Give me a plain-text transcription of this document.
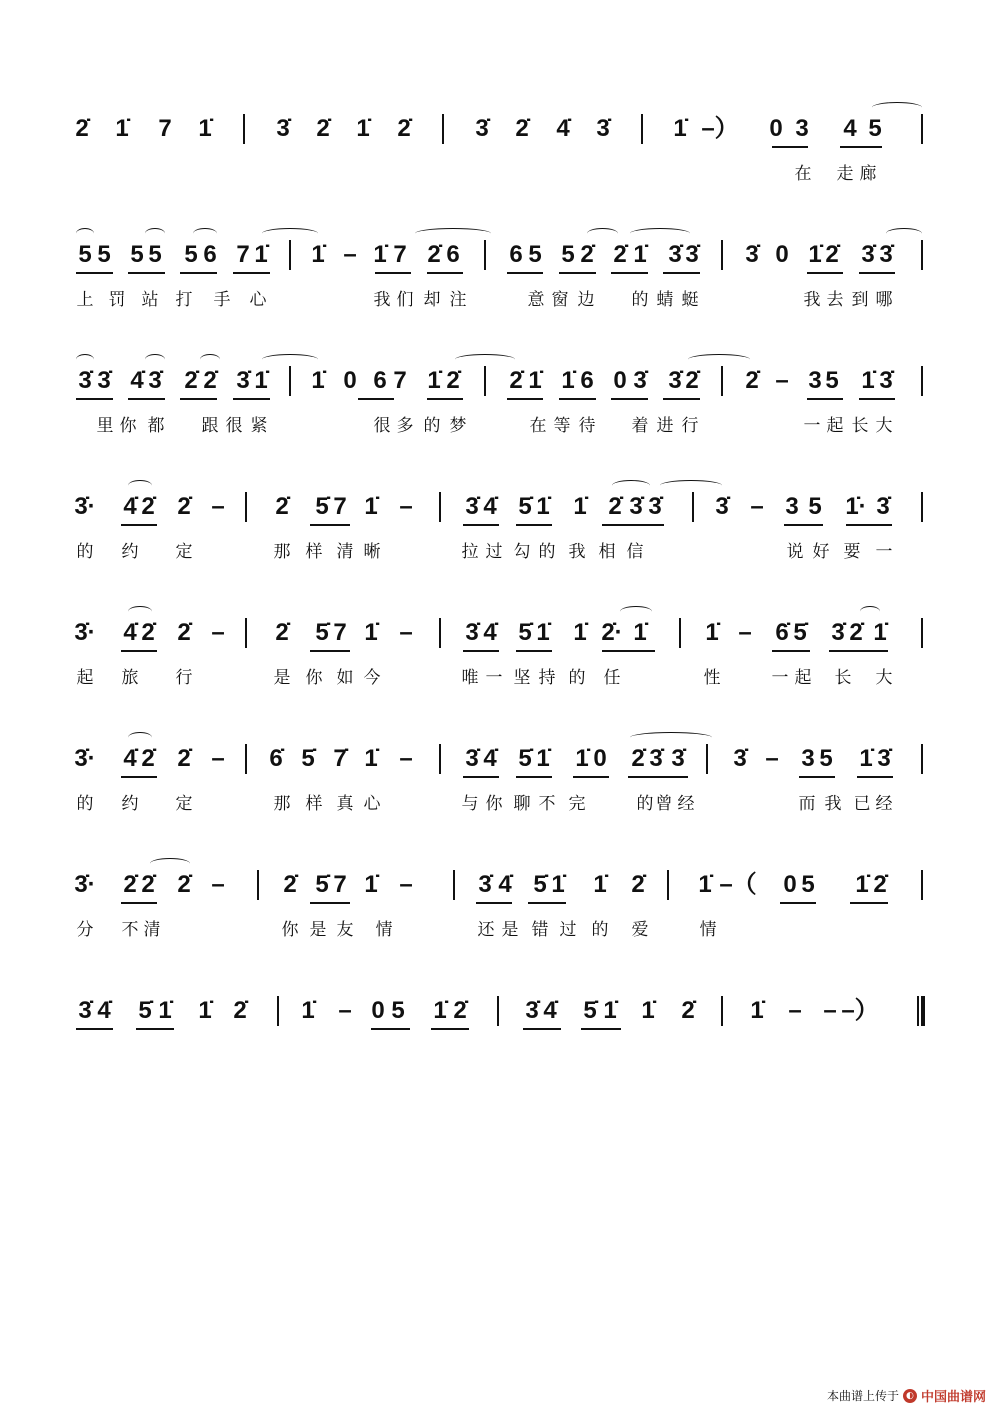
2̇ 1̇ 7 1̇	3̇ 2̇ 1̇ 2̇	3̇ 2̇ 4̇ 3̇	1̇ –） 0 3 4 5
在 走 廊
5 5 5 5 5 6 7 1̇ 1̇ – 1̇ 7 2̇ 6 6 5 5 2̇ 2̇ 1̇ 3̇ 3̇ 3̇ 0 1̇ 2̇ 3̇ 3̇
上 罚 站 打 手 心	我 们 却 注	意 窗 边 的 蜻 蜓	我 去 到 哪
3̇ 3̇ 4̇ 3̇ 2̇ 2̇ 3̇ 1̇ 1̇ 0 6 7 1̇ 2̇ 2̇ 1̇ 1̇ 6 0 3̇ 3̇ 2̇ 2̇ – 3 5 1̇ 3̇
里 你 都 跟 很 紧	很 多 的 梦	在 等 待 着 进 行	一 起 长 大
3̇· 4̇ 2̇ 2̇ – 2̇ 5̇ 7 1̇ – 3̇ 4̇ 5̇ 1̇ 1̇ 2̇ 3̇ 3̇ 3̇ – 3 5 1̇· 3̇
的 约 定	那 样 清 晰	拉 过 勾 的 我 相 信	说 好 要 一
3̇· 4̇ 2̇ 2̇ – 2̇ 5̇ 7 1̇ – 3̇ 4̇ 5̇ 1̇ 1̇ 2̇· 1̇ 1̇ – 6̇ 5̇ 3̇ 2̇ 1̇
起 旅 行	是 你 如 今	唯 一 坚 持 的 任	性	一 起 长 大
3̇· 4̇ 2̇ 2̇ – 6̇ 5̇ 7̇ 1̇ – 3̇ 4̇ 5̇ 1̇ 1̇ 0 2̇ 3̇ 3̇ 3̇ – 3 5 1̇ 3̇
的 约 定	那 样 真 心	与 你 聊 不 完	的 曾 经	而 我 已 经
3̇· 2̇ 2̇ 2̇ – 2̇ 5̇ 7 1̇ –	3̇ 4̇ 5̇ 1̇ 1̇ 2̇ 1̇ –（ 0 5 1̇ 2̇
分 不 清	你 是 友 情	还 是 错 过 的 爱	情
3̇ 4̇ 5̇ 1̇ 1̇ 2̇ 1̇ – 0 5 1̇ 2̇ 3̇ 4̇ 5̇ 1̇ 1̇ 2̇ 1̇ – – –）
本曲谱上传于 ◐ 中国曲谱网
